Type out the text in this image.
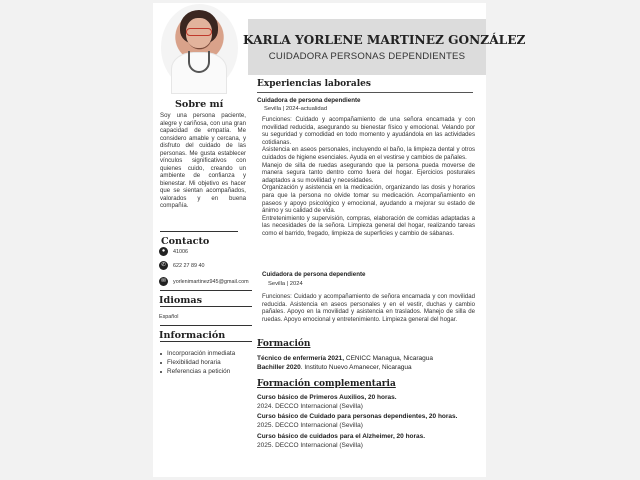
KARLA YORLENE MARTINEZ GONZÁLEZ
CUIDADORA PERSONAS DEPENDIENTES
Sobre mí
Soy una persona paciente, alegre y cariñosa, con una gran capacidad de empatía. Me considero amable y cercana, y disfruto del cuidado de las personas. Me gusta establecer vínculos significativos con quienes cuido, creando un ambiente de confianza y bienestar. Mi objetivo es hacer que se sientan acompañados, valorados y en buena compañía.
Contacto
●	41006
✆	622 27 89 40
✉	yorlenimartinez945@gmail.com
Idiomas
Español
Información
Incorporación inmediata
Flexibilidad horaria
Referencias a petición
Experiencias laborales
Cuidadora de persona dependiente
Sevilla | 2024-actualidad

Funciones: Cuidado y acompañamiento de una señora encamada y con movilidad reducida, asegurando su bienestar físico y emocional. Velando por su seguridad y comodidad en todo momento y ayudándola en las actividades cotidianas.

Asistencia en aseos personales, incluyendo el baño, la limpieza dental y otros cuidados de higiene esenciales. Ayuda en el vestirse y cambios de pañales.

Manejo de silla de ruedas asegurando que la persona pueda moverse de manera segura tanto dentro como fuera del hogar. Ejercicios posturales adaptados a su movilidad y necesidades.

Organización y asistencia en la medicación, organizando las dosis y horarios para que la persona no olvide tomar su medicación. Acompañamiento en paseos y apoyo psicológico y emocional, ayudando a mejorar su estado de ánimo y su calidad de vida.

Entretenimiento y supervisión, compras, elaboración de comidas adaptadas a las necesidades de la señora. Limpieza general del hogar, realizando tareas como el barrido, fregado, limpieza de superficies y cambio de sábanas.

Cuidadora de persona dependiente
Sevilla | 2024

Funciones: Cuidado y acompañamiento de señora encamada y con movilidad reducida. Asistencia en aseos personales y en el vestir, duchas y cambio pañales. Apoyo en la movilidad y asistencia en traslados. Manejo de silla de ruedas. Apoyo emocional y entretenimiento. Limpieza general del hogar.

Formación
Técnico de enfermería 2021, CENICC Managua, Nicaragua
Bachiller 2020. Instituto Nuevo Amanecer, Nicaragua
Formación complementaria
Curso básico de Primeros Auxilios, 20 horas.
2024. DECCO Internacional (Sevilla)
Curso básico de Cuidado para personas dependientes, 20 horas.
2025. DECCO Internacional (Sevilla)
Curso básico de cuidados para el Alzheimer, 20 horas.
2025. DECCO Internacional (Sevilla)
